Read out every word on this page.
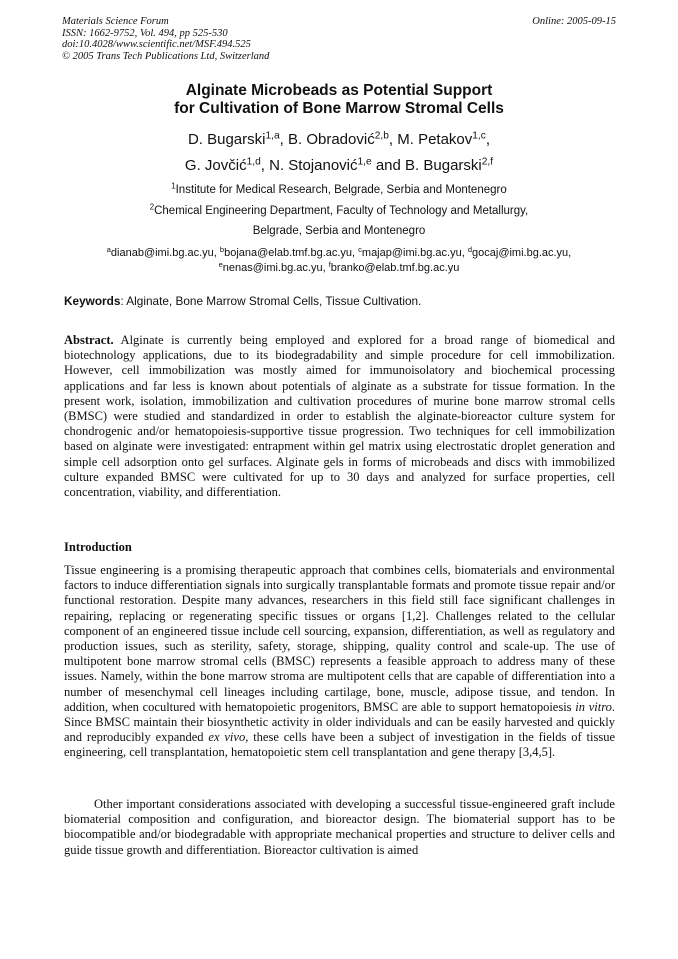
Materials Science Forum
ISSN: 1662-9752, Vol. 494, pp 525-530
doi:10.4028/www.scientific.net/MSF.494.525
© 2005 Trans Tech Publications Ltd, Switzerland
Online: 2005-09-15
Alginate Microbeads as Potential Support
for Cultivation of Bone Marrow Stromal Cells
D. Bugarski$^{1,a}$, B. Obradović$^{2,b}$, M. Petakov$^{1,c}$,
G. Jovčić$^{1,d}$, N. Stojanović$^{1,e}$ and B. Bugarski$^{2,f}$
$^1$Institute for Medical Research, Belgrade, Serbia and Montenegro
$^2$Chemical Engineering Department, Faculty of Technology and Metallurgy,
Belgrade, Serbia and Montenegro
$^a$dianab@imi.bg.ac.yu, $^b$bojana@elab.tmf.bg.ac.yu, $^c$majap@imi.bg.ac.yu, $^d$gocaj@imi.bg.ac.yu,
$^e$nenas@imi.bg.ac.yu, $^f$branko@elab.tmf.bg.ac.yu
Keywords: Alginate, Bone Marrow Stromal Cells, Tissue Cultivation.

Abstract. Alginate is currently being employed and explored for a broad range of biomedical and biotechnology applications, due to its biodegradability and simple procedure for cell immobilization. However, cell immobilization was mostly aimed for immunoisolatory and biochemical processing applications and far less is known about potentials of alginate as a substrate for tissue formation. In the present work, isolation, immobilization and cultivation procedures of murine bone marrow stromal cells (BMSC) were studied and standardized in order to establish the alginate-bioreactor culture system for chondrogenic and/or hematopoiesis-supportive tissue progression. Two techniques for cell immobilization based on alginate were investigated: entrapment within gel matrix using electrostatic droplet generation and simple cell adsorption onto gel surfaces. Alginate gels in forms of microbeads and discs with immobilized culture expanded BMSC were cultivated for up to 30 days and analyzed for surface properties, cell concentration, viability, and differentiation.

Introduction

Tissue engineering is a promising therapeutic approach that combines cells, biomaterials and environmental factors to induce differentiation signals into surgically transplantable formats and promote tissue repair and/or functional restoration. Despite many advances, researchers in this field still face significant challenges in repairing, replacing or regenerating specific tissues or organs [1,2]. Challenges related to the cellular component of an engineered tissue include cell sourcing, expansion, differentiation, as well as regulatory and production issues, such as sterility, safety, storage, shipping, quality control and scale-up. The use of multipotent bone marrow stromal cells (BMSC) represents a feasible approach to address many of these issues. Namely, within the bone marrow stroma are multipotent cells that are capable of differentiation into a number of mesenchymal cell lineages including cartilage, bone, muscle, adipose tissue, and tendon. In addition, when cocultured with hematopoietic progenitors, BMSC are able to support hematopoiesis in vitro. Since BMSC maintain their biosynthetic activity in older individuals and can be easily harvested and quickly and reproducibly expanded ex vivo, these cells have been a subject of investigation in the fields of tissue engineering, cell transplantation, hematopoietic stem cell transplantation and gene therapy [3,4,5].

Other important considerations associated with developing a successful tissue-engineered graft include biomaterial composition and configuration, and bioreactor design. The biomaterial support has to be biocompatible and/or biodegradable with appropriate mechanical properties and structure to deliver cells and guide tissue growth and differentiation. Bioreactor cultivation is aimed
